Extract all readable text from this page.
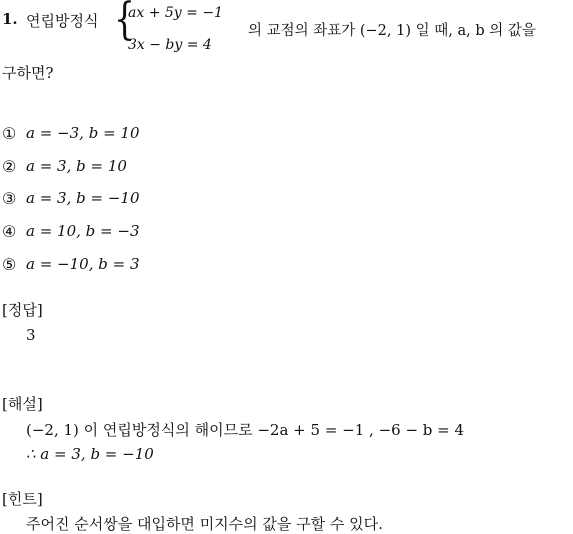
1. 연립방정식 {
ax + 5y = −1
3x − by = 4
의 교점의 좌표가 (−2, 1) 일 때, a, b 의 값을
구하면?
① a = −3, b = 10
② a = 3, b = 10
③ a = 3, b = −10
④ a = 10, b = −3
⑤ a = −10, b = 3
[정답]
3
[해설]
(−2, 1) 이 연립방정식의 해이므로 −2a + 5 = −1 , −6 − b = 4
∴ a = 3, b = −10
[힌트]
주어진 순서쌍을 대입하면 미지수의 값을 구할 수 있다.
